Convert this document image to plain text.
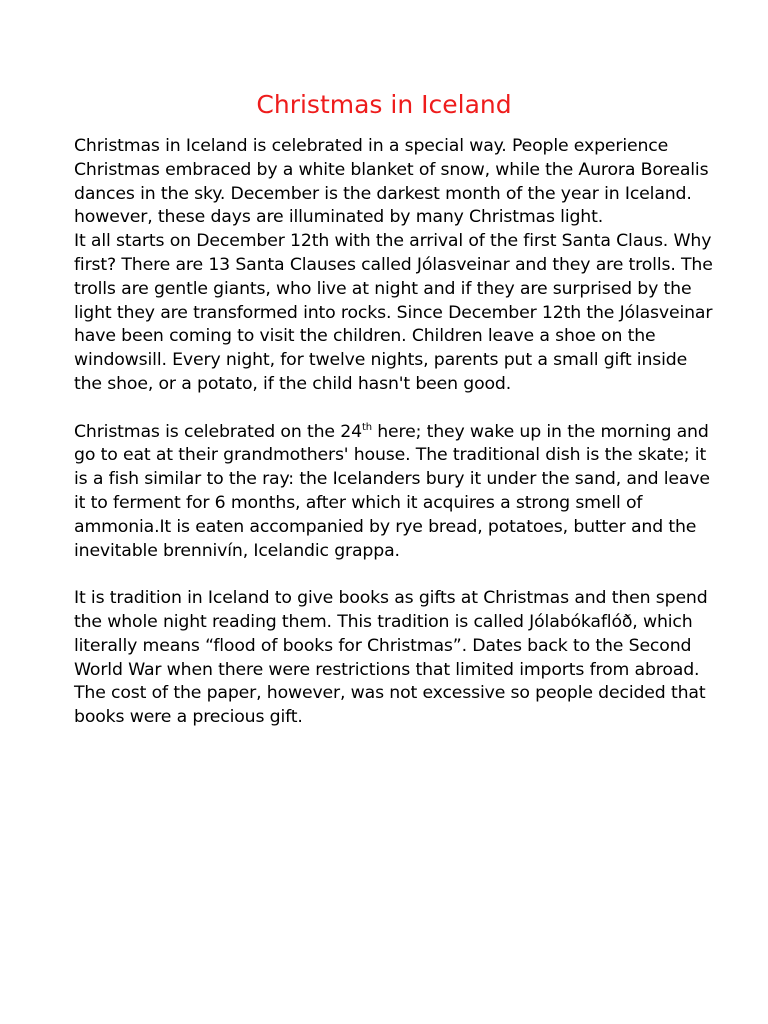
Christmas in Iceland

Christmas in Iceland is celebrated in a special way. People experience Christmas embraced by a white blanket of snow, while the Aurora Borealis dances in the sky. December is the darkest month of the year in Iceland. however, these days are illuminated by many Christmas light.

It all starts on December 12th with the arrival of the first Santa Claus. Why first? There are 13 Santa Clauses called Jólasveinar and they are trolls. The trolls are gentle giants, who live at night and if they are surprised by the light they are transformed into rocks. Since December 12th the Jólasveinar have been coming to visit the children. Children leave a shoe on the windowsill. Every night, for twelve nights, parents put a small gift inside the shoe, or a potato, if the child hasn't been good.

Christmas is celebrated on the 24th here; they wake up in the morning and go to eat at their grandmothers' house. The traditional dish is the skate; it is a fish similar to the ray: the Icelanders bury it under the sand, and leave it to ferment for 6 months, after which it acquires a strong smell of ammonia.It is eaten accompanied by rye bread, potatoes, butter and the inevitable brennivín, Icelandic grappa.

It is tradition in Iceland to give books as gifts at Christmas and then spend the whole night reading them. This tradition is called Jólabókaflóð, which literally means “flood of books for Christmas”. Dates back to the Second World War when there were restrictions that limited imports from abroad. The cost of the paper, however, was not excessive so people decided that books were a precious gift.
